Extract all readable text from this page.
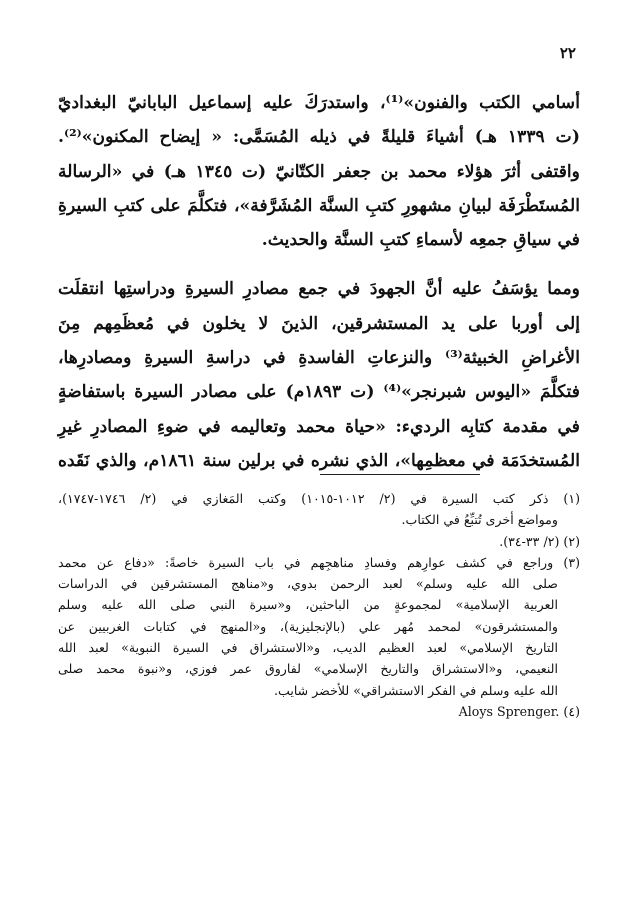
٢٢

أسامي الكتب والفنون»⁽¹⁾، واستدرَكَ عليه إسماعيل البابانيّ البغداديّ
(ت ١٣٣٩ هـ) أشياءَ قليلةً في ذيله المُسَمَّى: « إيضاح المكنون»⁽²⁾.
واقتفى أثرَ هؤلاء محمد بن جعفر الكتّانيّ (ت ١٣٤٥ هـ) في «الرسالة
المُستَطْرَفَة لبيانِ مشهورِ كتبِ السنَّة المُشَرَّفة»، فتكلَّمَ على كتبِ السيرةِ
في سياقِ جمعِه لأسماءِ كتبِ السنَّة والحديث.

ومما يؤسَفُ عليه أنَّ الجهودَ في جمع مصادرِ السيرةِ ودراستِها انتقلَت
إلى أوربا على يد المستشرقين، الذينَ لا يخلون في مُعظَمِهم مِنَ
الأغراضِ الخبيثة⁽³⁾ والنزعاتِ الفاسدةِ في دراسةِ السيرةِ ومصادرِها،
فتكلَّمَ «اليوس شبرنجر»⁽⁴⁾ (ت ١٨٩٣م) على مصادر السيرة باستفاضةٍ
في مقدمة كتابِه الرديء: «حياة محمد وتعاليمه في ضوءِ المصادرِ غيرِ
المُستخدَمَة في معظمِها»، الذي نشره في برلين سنة ١٨٦١م، والذي نَقَده

(١) ذكر كتب السيرة في (٢/ ١٠١٢-١٠١٥) وكتب المَغازي في (٢/ ١٧٤٦-١٧٤٧)،
ومواضع أخرى تُتبِّعُ في الكتاب.
(٢) (٢/ ٣٣-٣٤).
(٣) وراجع في كشف عوارِهم وفسادِ مناهجِهم في باب السيرة خاصةً: «دفاع عن محمد
صلى الله عليه وسلم» لعبد الرحمن بدوي، و«مناهج المستشرقين في الدراسات
العربية الإسلامية» لمجموعةٍ من الباحثين، و«سيرة النبي صلى الله عليه وسلم
والمستشرقون» لمحمد مُهر علي (بالإنجليزية)، و«المنهج في كتابات الغربيين عن
التاريخ الإسلامي» لعبد العظيم الديب، و«الاستشراق في السيرة النبوية» لعبد الله
النعيمي، و«الاستشراق والتاريخ الإسلامي» لفاروق عمر فوزي، و«نبوة محمد صلى
الله عليه وسلم في الفكر الاستشراقي» للأخضر شايب.
(٤) Aloys Sprenger.
